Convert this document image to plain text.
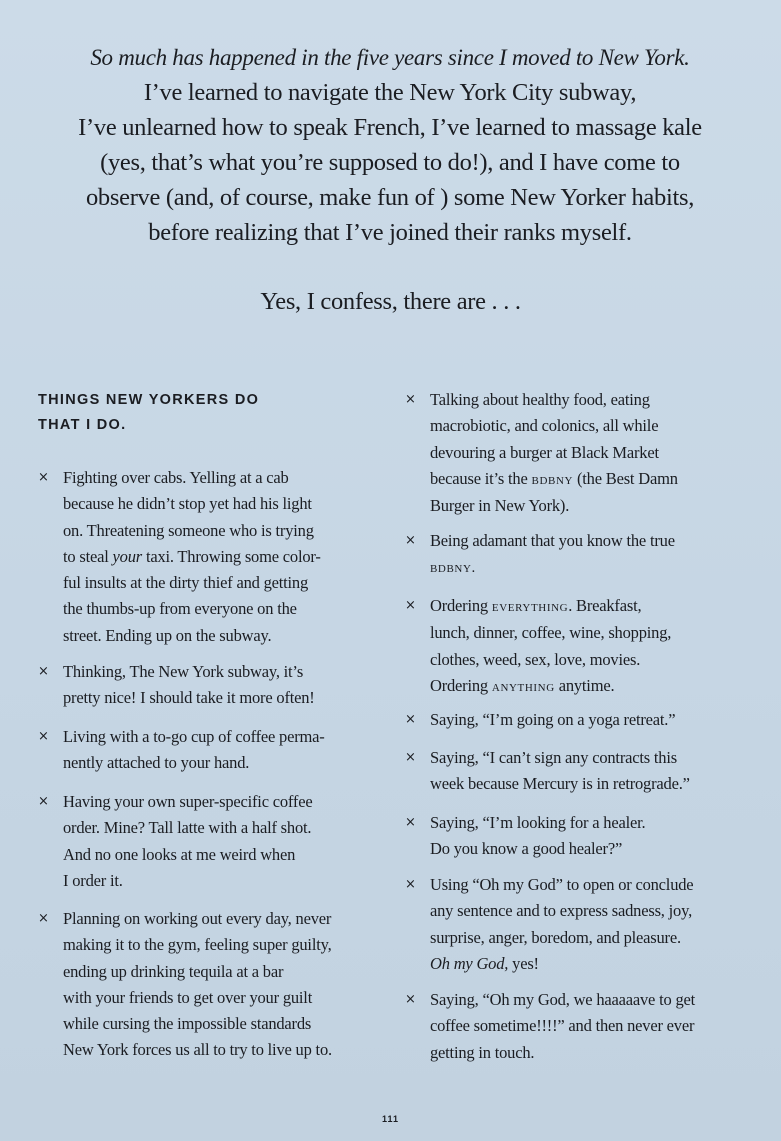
So much has happened in the five years since I moved to New York.
I’ve learned to navigate the New York City subway,
I’ve unlearned how to speak French, I’ve learned to massage kale
(yes, that’s what you’re supposed to do!), and I have come to
observe (and, of course, make fun of ) some New Yorker habits,
before realizing that I’ve joined their ranks myself.
Yes, I confess, there are . . .
THINGS NEW YORKERS DO
THAT I DO.
× Fighting over cabs. Yelling at a cab
because he didn’t stop yet had his light
on. Threatening someone who is trying
to steal your taxi. Throwing some color-
ful insults at the dirty thief and getting
the thumbs-up from everyone on the
street. Ending up on the subway.
× Thinking, The New York subway, it’s
pretty nice! I should take it more often!
× Living with a to-go cup of coffee perma-
nently attached to your hand.
× Having your own super-specific coffee
order. Mine? Tall latte with a half shot.
And no one looks at me weird when
I order it.
× Planning on working out every day, never
making it to the gym, feeling super guilty,
ending up drinking tequila at a bar
with your friends to get over your guilt
while cursing the impossible standards
New York forces us all to try to live up to.
× Talking about healthy food, eating
macrobiotic, and colonics, all while
devouring a burger at Black Market
because it’s the bdbny (the Best Damn
Burger in New York).
× Being adamant that you know the true
bdbny.
× Ordering everything. Breakfast,
lunch, dinner, coffee, wine, shopping,
clothes, weed, sex, love, movies.
Ordering anything anytime.
× Saying, “I’m going on a yoga retreat.”
× Saying, “I can’t sign any contracts this
week because Mercury is in retrograde.”
× Saying, “I’m looking for a healer.
Do you know a good healer?”
× Using “Oh my God” to open or conclude
any sentence and to express sadness, joy,
surprise, anger, boredom, and pleasure.
Oh my God, yes!
× Saying, “Oh my God, we haaaaave to get
coffee sometime!!!!” and then never ever
getting in touch.
111
